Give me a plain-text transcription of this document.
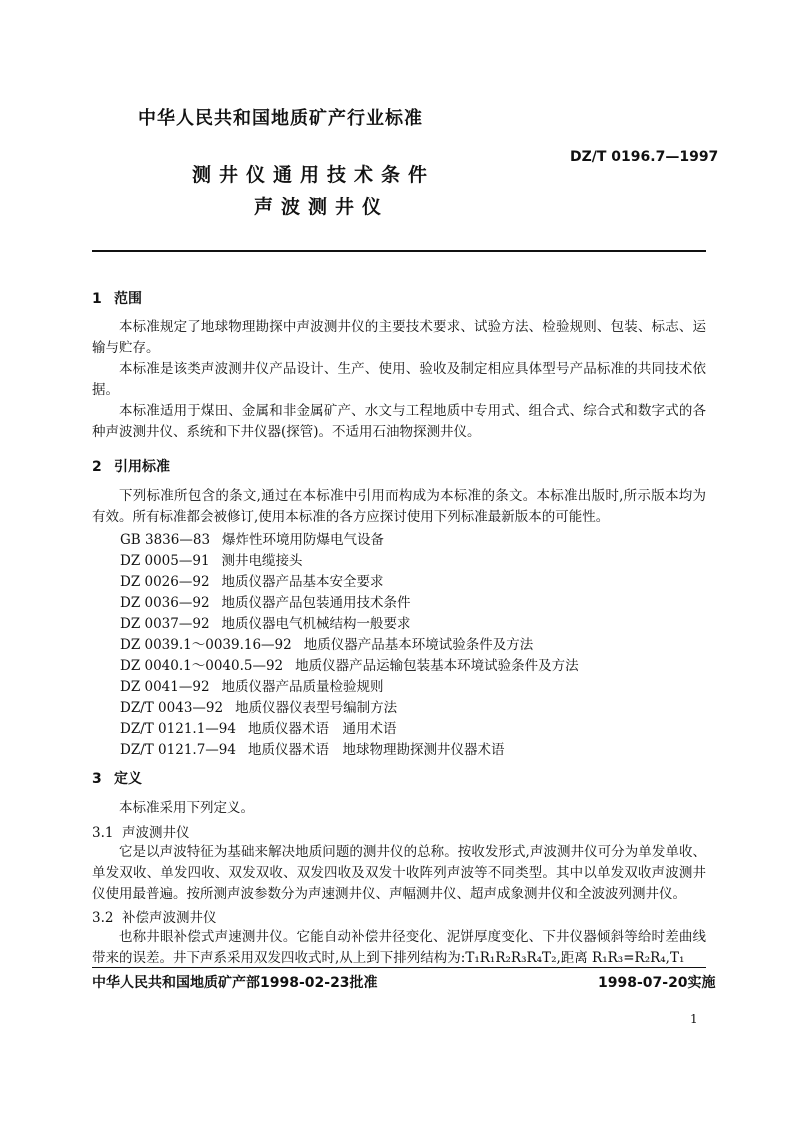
中华人民共和国地质矿产行业标准
DZ/T 0196.7—1997
测井仪通用技术条件
声波测井仪
1 范围
本标准规定了地球物理勘探中声波测井仪的主要技术要求、试验方法、检验规则、包装、标志、运输与贮存。
本标准是该类声波测井仪产品设计、生产、使用、验收及制定相应具体型号产品标准的共同技术依据。
本标准适用于煤田、金属和非金属矿产、水文与工程地质中专用式、组合式、综合式和数字式的各种声波测井仪、系统和下井仪器(探管)。不适用石油物探测井仪。
2 引用标准
下列标准所包含的条文,通过在本标准中引用而构成为本标准的条文。本标准出版时,所示版本均为有效。所有标准都会被修订,使用本标准的各方应探讨使用下列标准最新版本的可能性。
GB 3836—83 爆炸性环境用防爆电气设备
DZ 0005—91 测井电缆接头
DZ 0026—92 地质仪器产品基本安全要求
DZ 0036—92 地质仪器产品包装通用技术条件
DZ 0037—92 地质仪器电气机械结构一般要求
DZ 0039.1～0039.16—92 地质仪器产品基本环境试验条件及方法
DZ 0040.1～0040.5—92 地质仪器产品运输包装基本环境试验条件及方法
DZ 0041—92 地质仪器产品质量检验规则
DZ/T 0043—92 地质仪器仪表型号编制方法
DZ/T 0121.1—94 地质仪器术语　通用术语
DZ/T 0121.7—94 地质仪器术语　地球物理勘探测井仪器术语
3 定义
本标准采用下列定义。
3.1 声波测井仪
它是以声波特征为基础来解决地质问题的测井仪的总称。按收发形式,声波测井仪可分为单发单收、单发双收、单发四收、双发双收、双发四收及双发十收阵列声波等不同类型。其中以单发双收声波测井仪使用最普遍。按所测声波参数分为声速测井仪、声幅测井仪、超声成象测井仪和全波波列测井仪。
3.2 补偿声波测井仪
也称井眼补偿式声速测井仪。它能自动补偿井径变化、泥饼厚度变化、下井仪器倾斜等给时差曲线带来的误差。井下声系采用双发四收式时,从上到下排列结构为:T₁R₁R₂R₃R₄T₂,距离 R₁R₃=R₂R₄,T₁
中华人民共和国地质矿产部1998-02-23批准	1998-07-20实施
1
